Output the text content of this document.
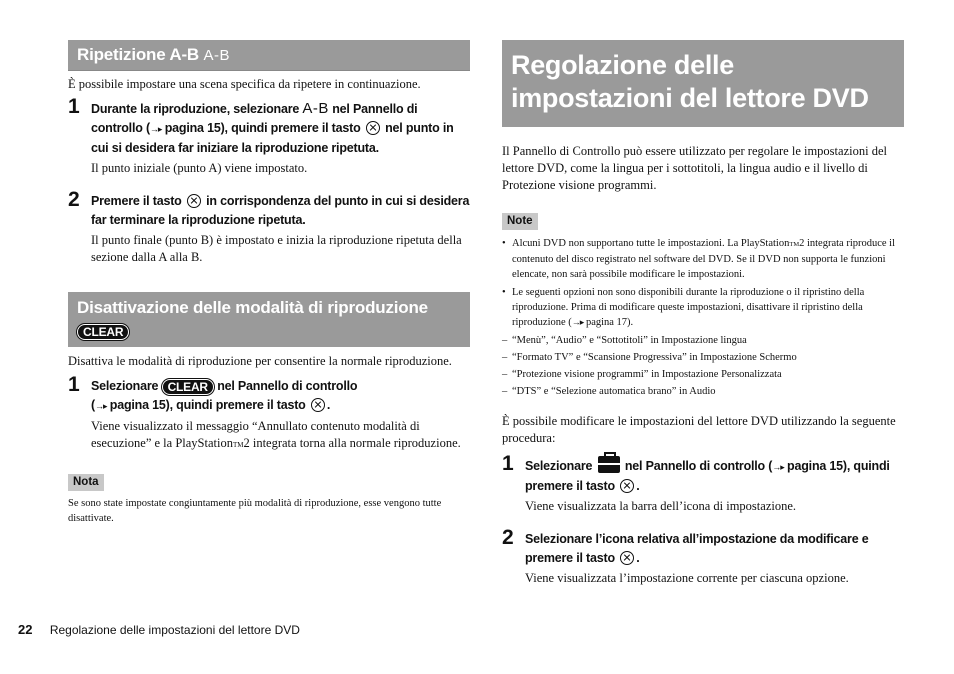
Ripetizione A-B A-B

È possibile impostare una scena specifica da ripetere in continuazione.

1 Durante la riproduzione, selezionare A-B nel Pannello di controllo (→▸ pagina 15), quindi premere il tasto nel punto in cui si desidera far iniziare la riproduzione ripetuta.
Il punto iniziale (punto A) viene impostato.
2 Premere il tasto in corrispondenza del punto in cui si desidera far terminare la riproduzione ripetuta.
Il punto finale (punto B) è impostato e inizia la riproduzione ripetuta della sezione dalla A alla B.
Disattivazione delle modalità di riproduzione
CLEAR

Disattiva le modalità di riproduzione per consentire la normale riproduzione.

1 Selezionare CLEAR nel Pannello di controllo
(→▸ pagina 15), quindi premere il tasto .
Viene visualizzato il messaggio “Annullato contenuto modalità di esecuzione” e la PlayStationTM2 integrata torna alla normale riproduzione.
Nota
Se sono state impostate congiuntamente più modalità di riproduzione, esse vengono tutte disattivate.
Regolazione delle impostazioni del lettore DVD

Il Pannello di Controllo può essere utilizzato per regolare le impostazioni del lettore DVD, come la lingua per i sottotitoli, la lingua audio e il livello di Protezione visione programmi.

Note
• Alcuni DVD non supportano tutte le impostazioni. La PlayStationTM2 integrata riproduce il contenuto del disco registrato nel software del DVD. Se il DVD non supporta le funzioni elencate, non sarà possibile modificare le impostazioni.
• Le seguenti opzioni non sono disponibili durante la riproduzione o il ripristino della riproduzione. Prima di modificare queste impostazioni, disattivare il ripristino della riproduzione (→▸ pagina 17).
– “Menù”, “Audio” e “Sottotitoli” in Impostazione lingua
– “Formato TV” e “Scansione Progressiva” in Impostazione Schermo
– “Protezione visione programmi” in Impostazione Personalizzata
– “DTS” e “Selezione automatica brano” in Audio

È possibile modificare le impostazioni del lettore DVD utilizzando la seguente procedura:

1 Selezionare	nel Pannello di controllo (→▸ pagina 15), quindi premere il tasto .
Viene visualizzata la barra dell’icona di impostazione.
2 Selezionare l’icona relativa all’impostazione da modificare e premere il tasto .
Viene visualizzata l’impostazione corrente per ciascuna opzione.
22 Regolazione delle impostazioni del lettore DVD
